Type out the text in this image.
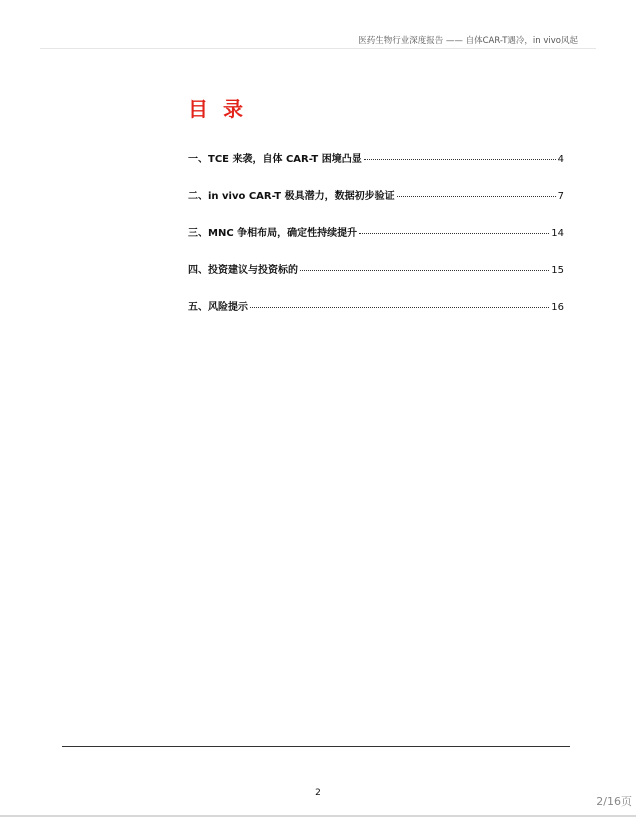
医药生物行业深度报告 —— 自体CAR-T遇冷，in vivo风起
目 录
一、TCE 来袭，自体 CAR-T 困境凸显	4
二、in vivo CAR-T 极具潜力，数据初步验证	7
三、MNC 争相布局，确定性持续提升	14
四、投资建议与投资标的	15
五、风险提示	16
2
2/16页
